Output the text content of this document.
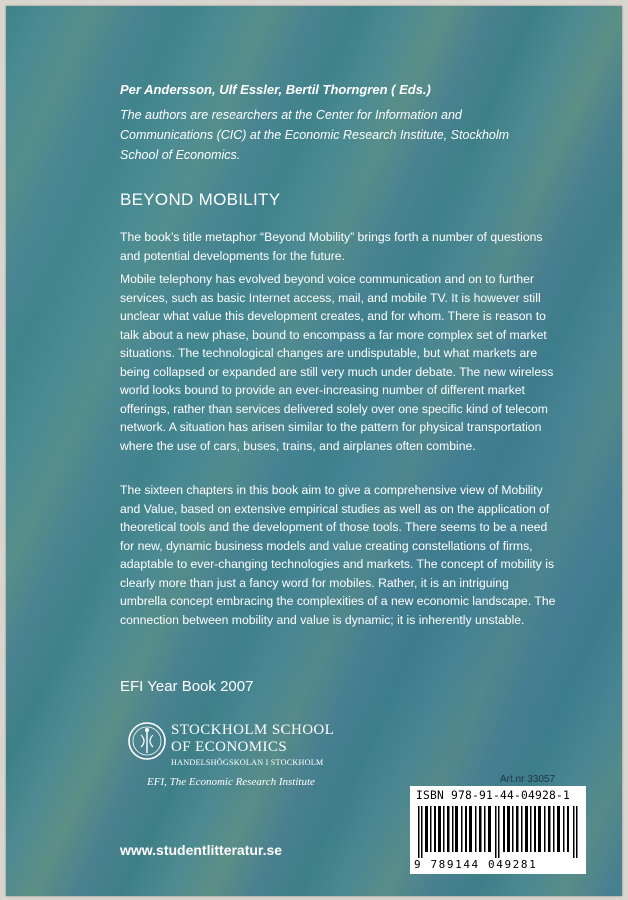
Per Andersson, Ulf Essler, Bertil Thorngren ( Eds.)
The authors are researchers at the Center for Information and Communications (CIC) at the Economic Research Institute, Stockholm School of Economics.
BEYOND MOBILITY
The book’s title metaphor “Beyond Mobility” brings forth a number of questions and potential developments for the future.
Mobile telephony has evolved beyond voice communication and on to further services, such as basic Internet access, mail, and mobile TV. It is however still unclear what value this development creates, and for whom. There is reason to talk about a new phase, bound to encompass a far more complex set of market situations. The technological changes are undisputable, but what markets are being collapsed or expanded are still very much under debate. The new wireless world looks bound to provide an ever-increasing number of different market offerings, rather than services delivered solely over one specific kind of telecom network. A situation has arisen similar to the pattern for physical transportation where the use of cars, buses, trains, and airplanes often combine.
The sixteen chapters in this book aim to give a comprehensive view of Mobility and Value, based on extensive empirical studies as well as on the application of theoretical tools and the development of those tools. There seems to be a need for new, dynamic business models and value creating constellations of firms, adaptable to ever-changing technologies and markets. The concept of mobility is clearly more than just a fancy word for mobiles. Rather, it is an intriguing umbrella concept embracing the complexities of a new economic landscape. The connection between mobility and value is dynamic; it is inherently unstable.
EFI Year Book 2007
STOCKHOLM SCHOOL
OF ECONOMICS
HANDELSHÖGSKOLAN I STOCKHOLM
EFI, The Economic Research Institute	Art.nr 33057
ISBN 978-91-44-04928-1
9 789144 049281
www.studentlitteratur.se
